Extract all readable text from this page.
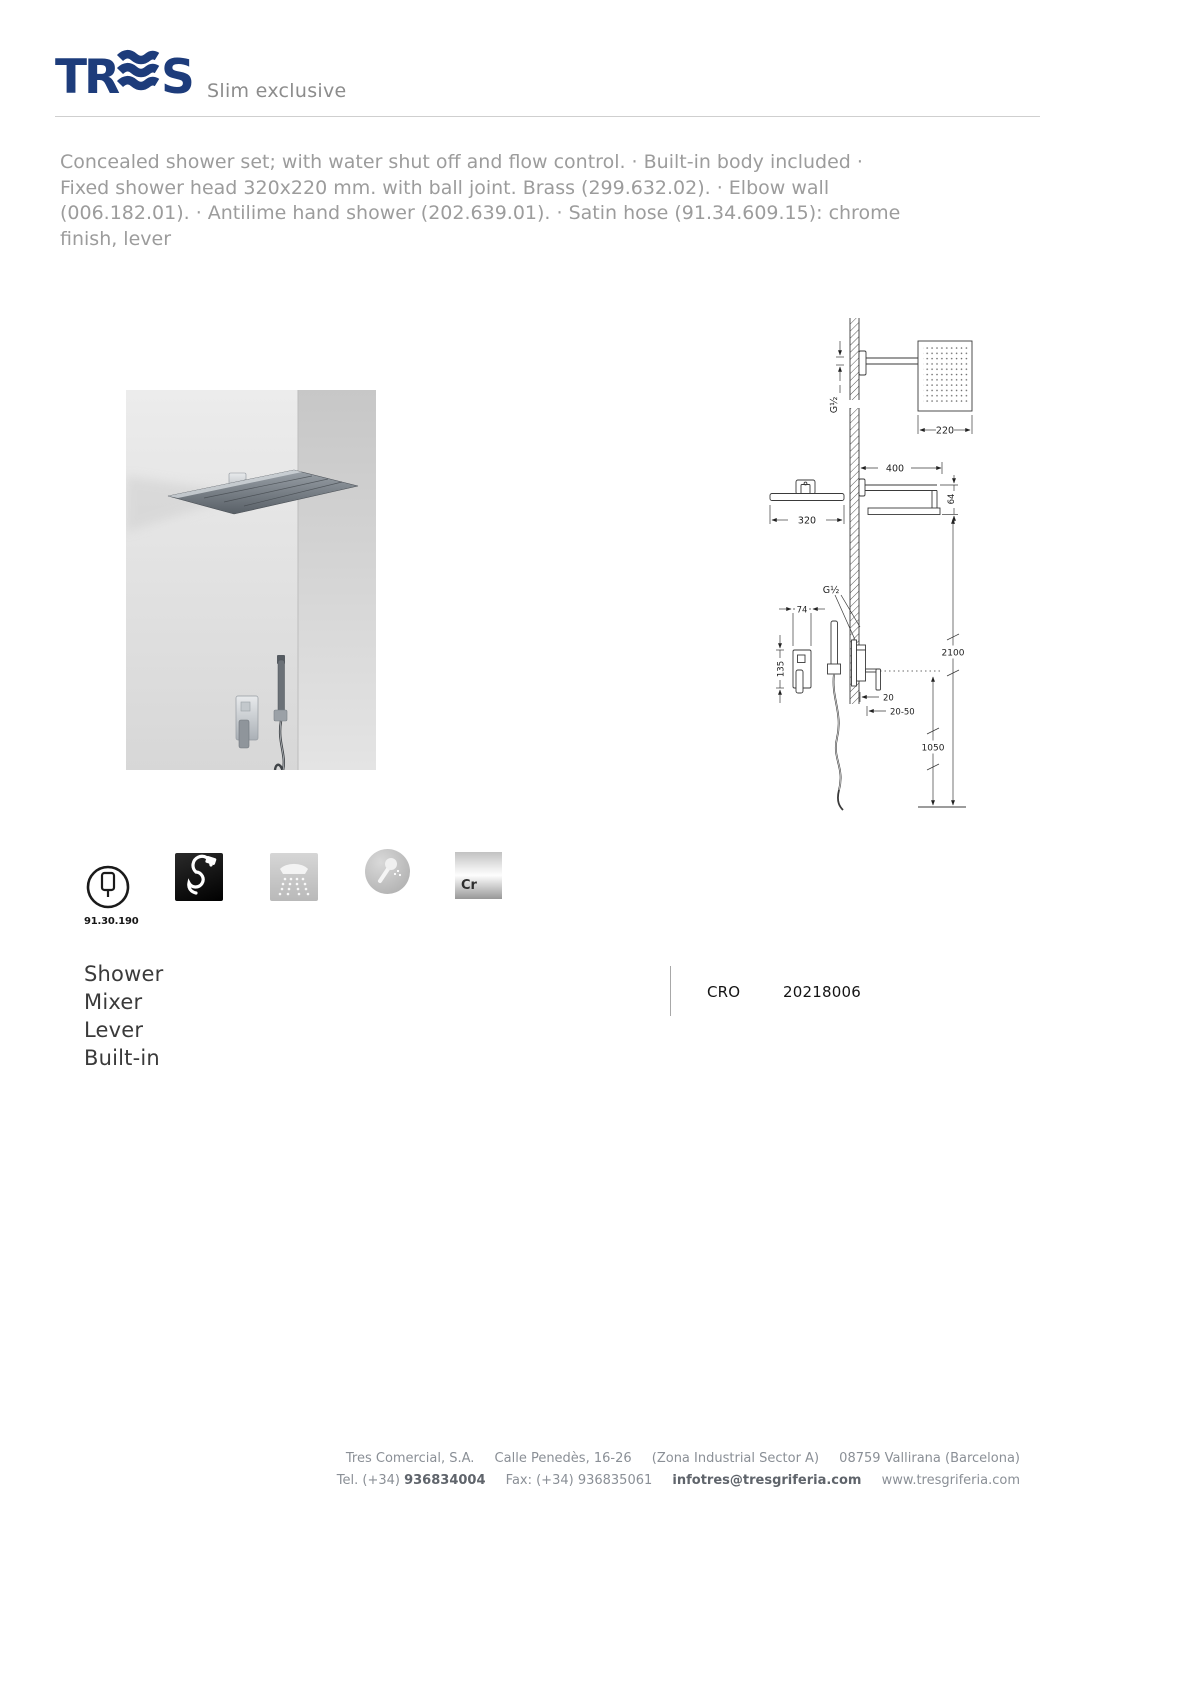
TR S Slim exclusive
Concealed shower set; with water shut off and flow control. · Built-in body included · Fixed shower head 320x220 mm. with ball joint. Brass (299.632.02). · Elbow wall (006.182.01). · Antilime hand shower (202.639.01). · Satin hose (91.34.609.15): chrome finish, lever
220
G½
400
64
320
G½
74
135
20
20-50
2100
1050
91.30.190
Cr
Shower
Mixer
Lever
Built-in
CRO	20218006
Tres Comercial, S.A. Calle Penedès, 16-26 (Zona Industrial Sector A) 08759 Vallirana (Barcelona)
Tel. (+34) 936834004 Fax: (+34) 936835061 infotres@tresgriferia.com www.tresgriferia.com
